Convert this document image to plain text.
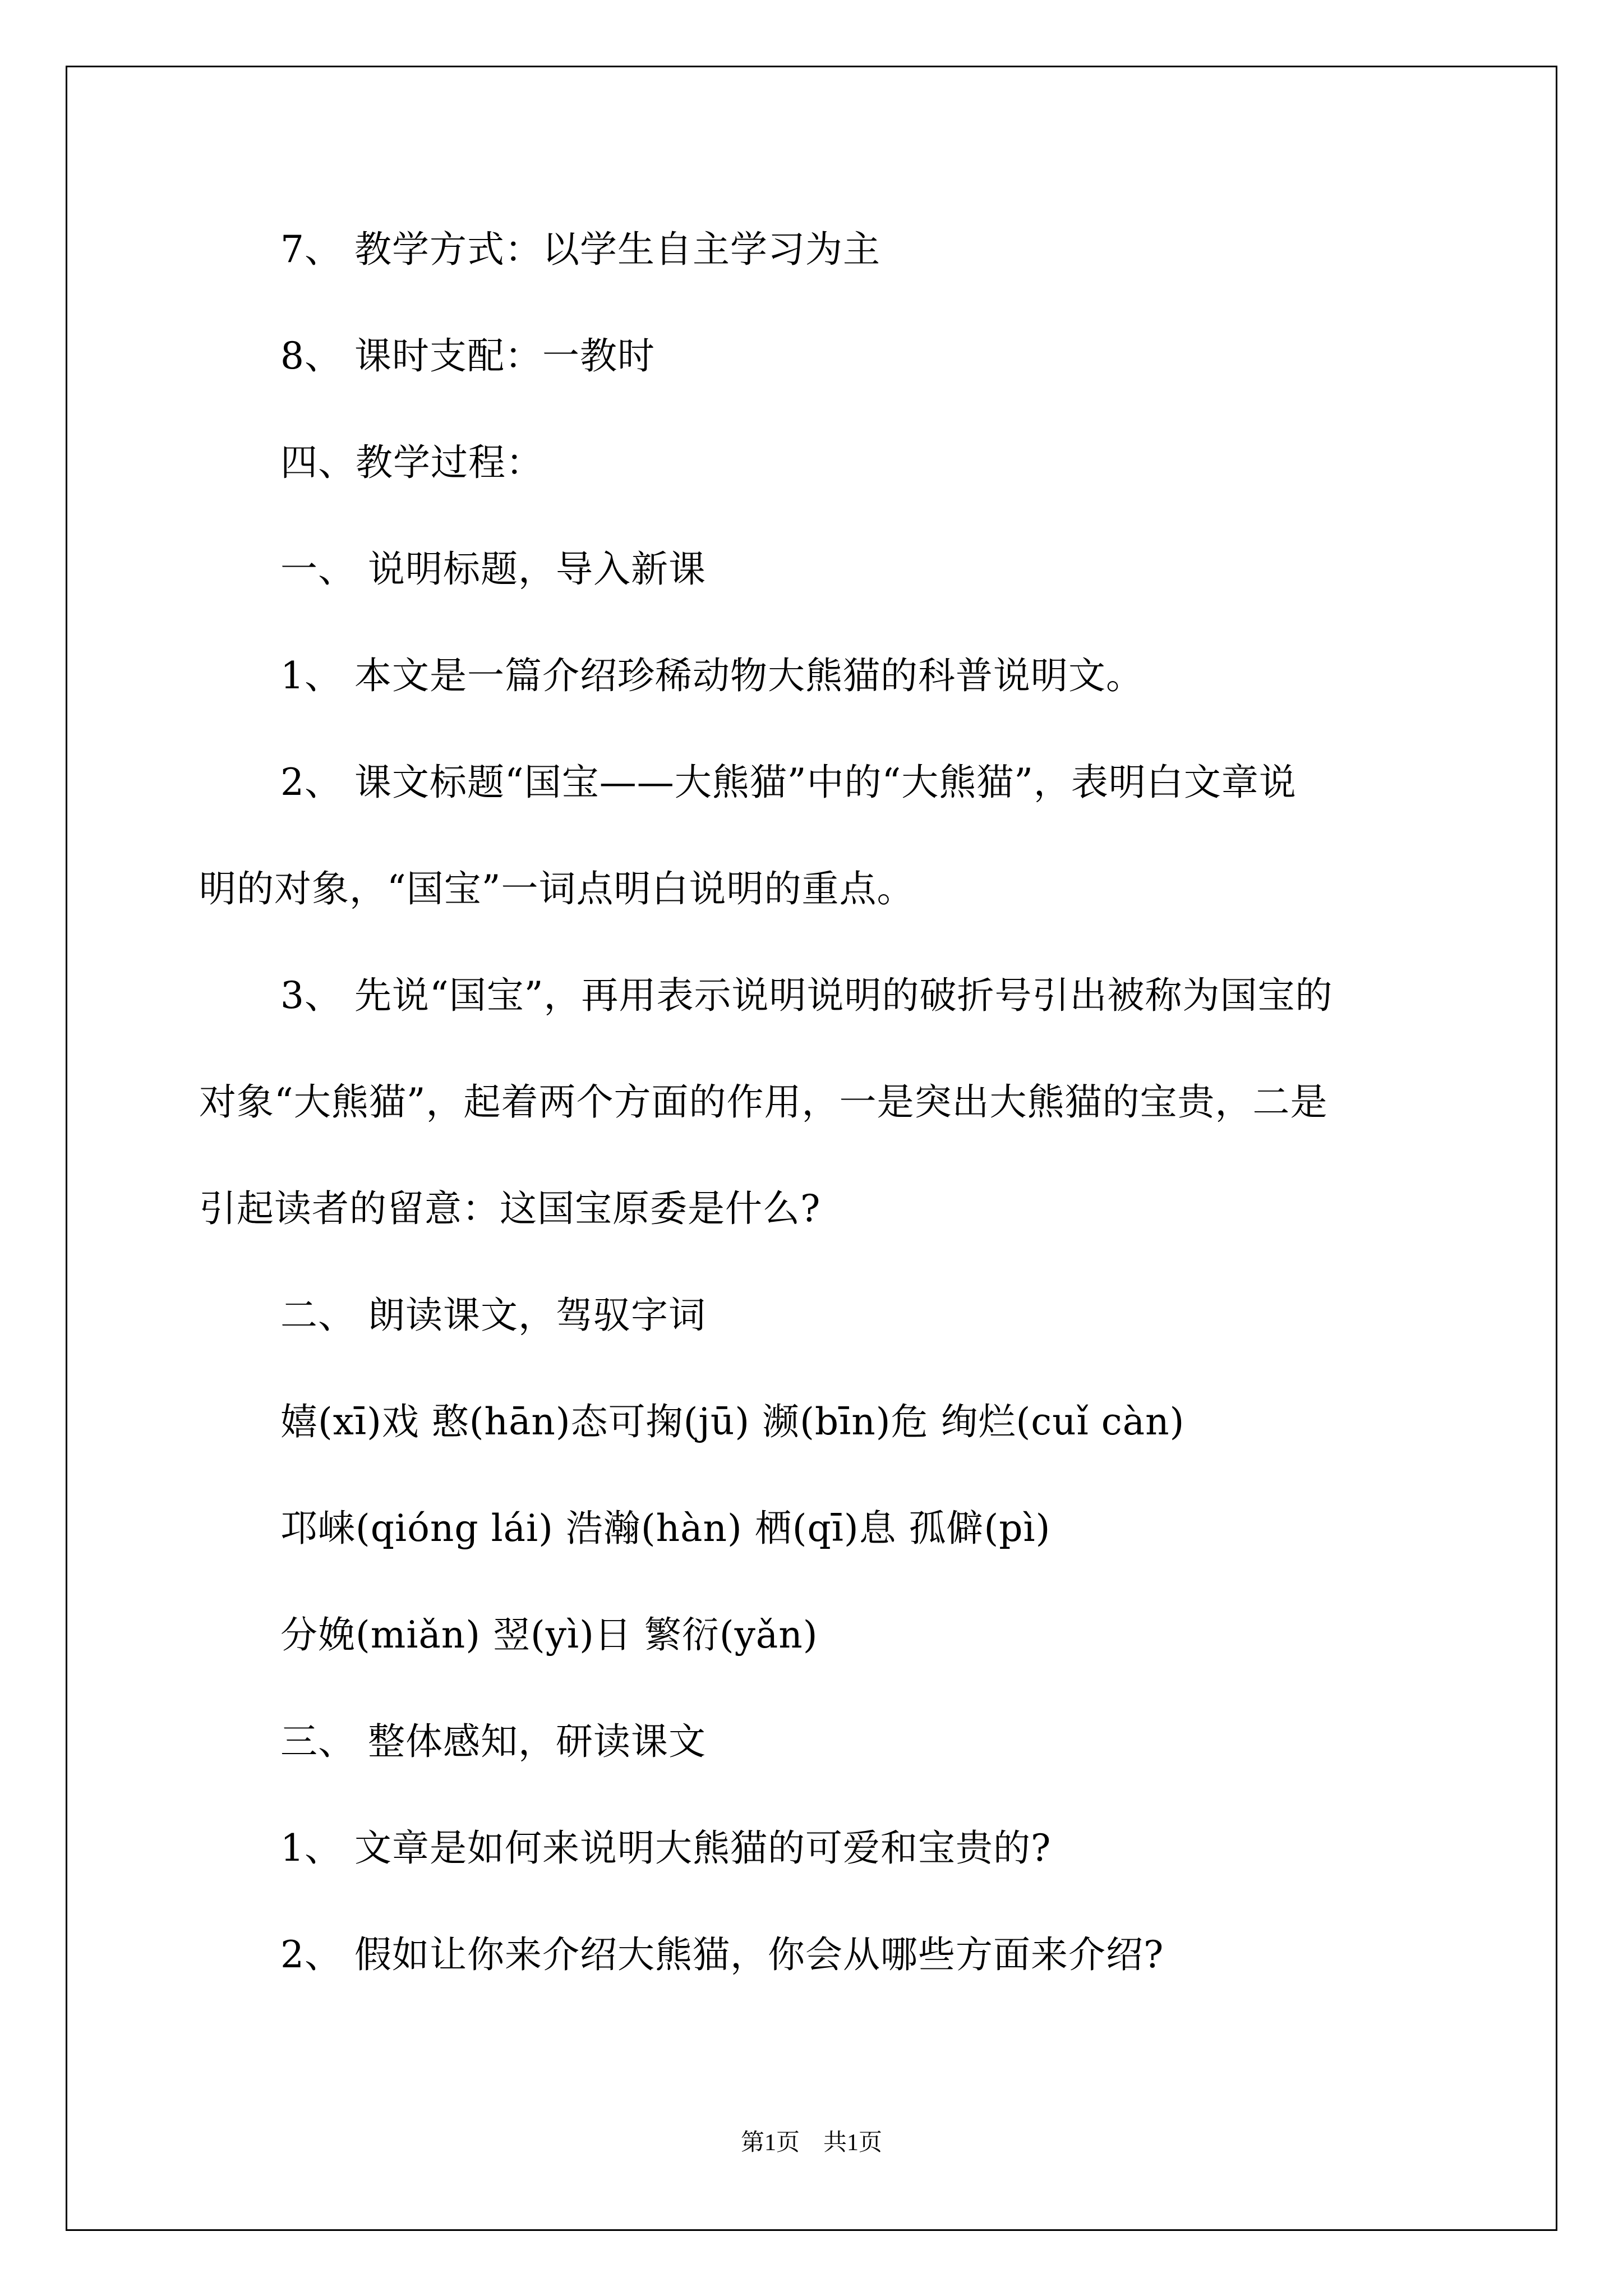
7、 教学方式：以学生自主学习为主
8、 课时支配：一教时
四、教学过程：
一、 说明标题，导入新课
1、 本文是一篇介绍珍稀动物大熊猫的科普说明文。
2、 课文标题“国宝——大熊猫”中的“大熊猫”，表明白文章说
明的对象，“国宝”一词点明白说明的重点。
3、 先说“国宝”，再用表示说明说明的破折号引出被称为国宝的
对象“大熊猫”，起着两个方面的作用，一是突出大熊猫的宝贵，二是
引起读者的留意：这国宝原委是什么?
二、 朗读课文，驾驭字词
嬉(xī)戏 憨(hān)态可掬(jū) 濒(bīn)危 绚烂(cuǐ càn)
邛崃(qióng lái) 浩瀚(hàn) 栖(qī)息 孤僻(pì)
分娩(miǎn) 翌(yì)日 繁衍(yǎn)
三、 整体感知，研读课文
1、 文章是如何来说明大熊猫的可爱和宝贵的?
2、 假如让你来介绍大熊猫，你会从哪些方面来介绍?
第1页　共1页
